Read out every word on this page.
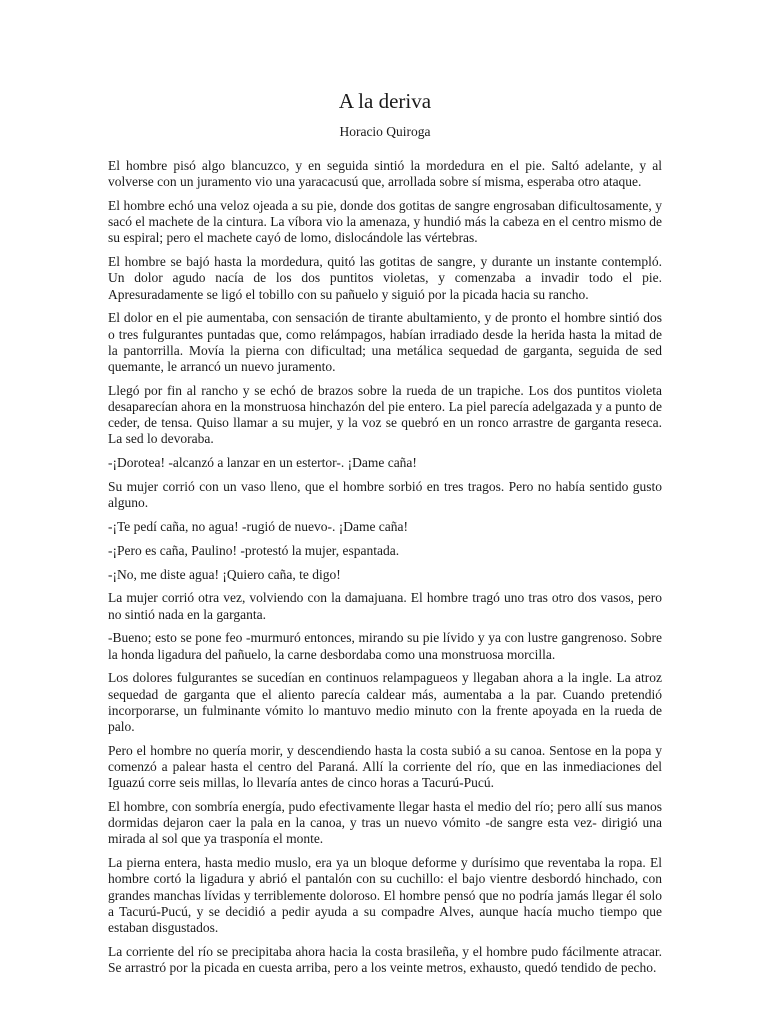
A la deriva
Horacio Quiroga

El hombre pisó algo blancuzco, y en seguida sintió la mordedura en el pie. Saltó adelante, y al volverse con un juramento vio una yaracacusú que, arrollada sobre sí misma, esperaba otro ataque.

El hombre echó una veloz ojeada a su pie, donde dos gotitas de sangre engrosaban dificultosamente, y sacó el machete de la cintura. La víbora vio la amenaza, y hundió más la cabeza en el centro mismo de su espiral; pero el machete cayó de lomo, dislocándole las vértebras.

El hombre se bajó hasta la mordedura, quitó las gotitas de sangre, y durante un instante contempló. Un dolor agudo nacía de los dos puntitos violetas, y comenzaba a invadir todo el pie. Apresuradamente se ligó el tobillo con su pañuelo y siguió por la picada hacia su rancho.

El dolor en el pie aumentaba, con sensación de tirante abultamiento, y de pronto el hombre sintió dos o tres fulgurantes puntadas que, como relámpagos, habían irradiado desde la herida hasta la mitad de la pantorrilla. Movía la pierna con dificultad; una metálica sequedad de garganta, seguida de sed quemante, le arrancó un nuevo juramento.

Llegó por fin al rancho y se echó de brazos sobre la rueda de un trapiche. Los dos puntitos violeta desaparecían ahora en la monstruosa hinchazón del pie entero. La piel parecía adelgazada y a punto de ceder, de tensa. Quiso llamar a su mujer, y la voz se quebró en un ronco arrastre de garganta reseca. La sed lo devoraba.

-¡Dorotea! -alcanzó a lanzar en un estertor-. ¡Dame caña!

Su mujer corrió con un vaso lleno, que el hombre sorbió en tres tragos. Pero no había sentido gusto alguno.

-¡Te pedí caña, no agua! -rugió de nuevo-. ¡Dame caña!

-¡Pero es caña, Paulino! -protestó la mujer, espantada.

-¡No, me diste agua! ¡Quiero caña, te digo!

La mujer corrió otra vez, volviendo con la damajuana. El hombre tragó uno tras otro dos vasos, pero no sintió nada en la garganta.

-Bueno; esto se pone feo -murmuró entonces, mirando su pie lívido y ya con lustre gangrenoso. Sobre la honda ligadura del pañuelo, la carne desbordaba como una monstruosa morcilla.

Los dolores fulgurantes se sucedían en continuos relampagueos y llegaban ahora a la ingle. La atroz sequedad de garganta que el aliento parecía caldear más, aumentaba a la par. Cuando pretendió incorporarse, un fulminante vómito lo mantuvo medio minuto con la frente apoyada en la rueda de palo.

Pero el hombre no quería morir, y descendiendo hasta la costa subió a su canoa. Sentose en la popa y comenzó a palear hasta el centro del Paraná. Allí la corriente del río, que en las inmediaciones del Iguazú corre seis millas, lo llevaría antes de cinco horas a Tacurú-Pucú.

El hombre, con sombría energía, pudo efectivamente llegar hasta el medio del río; pero allí sus manos dormidas dejaron caer la pala en la canoa, y tras un nuevo vómito -de sangre esta vez- dirigió una mirada al sol que ya trasponía el monte.

La pierna entera, hasta medio muslo, era ya un bloque deforme y durísimo que reventaba la ropa. El hombre cortó la ligadura y abrió el pantalón con su cuchillo: el bajo vientre desbordó hinchado, con grandes manchas lívidas y terriblemente doloroso. El hombre pensó que no podría jamás llegar él solo a Tacurú-Pucú, y se decidió a pedir ayuda a su compadre Alves, aunque hacía mucho tiempo que estaban disgustados.

La corriente del río se precipitaba ahora hacia la costa brasileña, y el hombre pudo fácilmente atracar. Se arrastró por la picada en cuesta arriba, pero a los veinte metros, exhausto, quedó tendido de pecho.
